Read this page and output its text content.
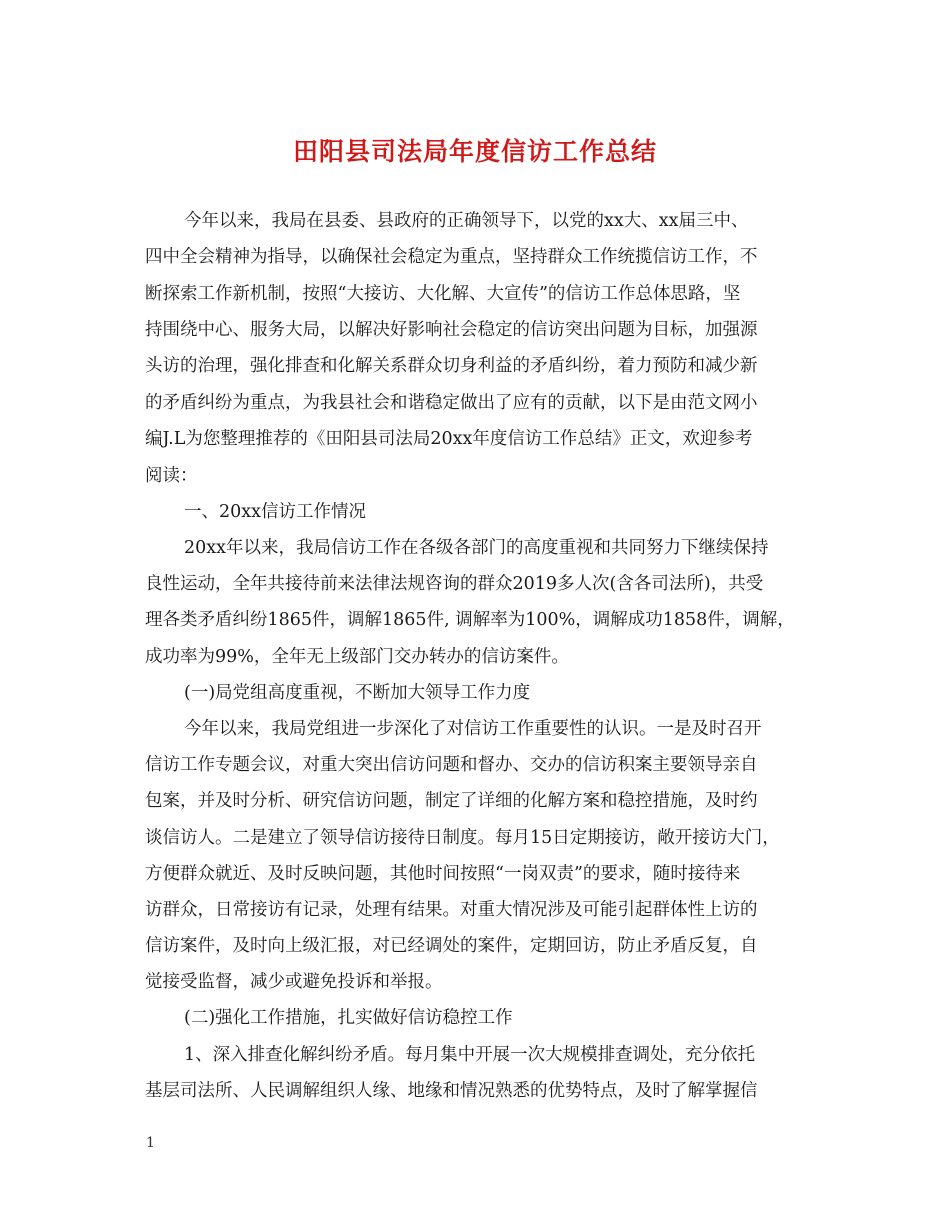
田阳县司法局年度信访工作总结
今年以来，我局在县委、县政府的正确领导下，以党的xx大、xx届三中、
四中全会精神为指导，以确保社会稳定为重点，坚持群众工作统揽信访工作，不
断探索工作新机制，按照“大接访、大化解、大宣传”的信访工作总体思路，坚
持围绕中心、服务大局，以解决好影响社会稳定的信访突出问题为目标，加强源
头访的治理，强化排查和化解关系群众切身利益的矛盾纠纷，着力预防和减少新
的矛盾纠纷为重点，为我县社会和谐稳定做出了应有的贡献，以下是由范文网小
编J.L为您整理推荐的《田阳县司法局20xx年度信访工作总结》正文，欢迎参考
阅读：
一、20xx信访工作情况
20xx年以来，我局信访工作在各级各部门的高度重视和共同努力下继续保持
良性运动，全年共接待前来法律法规咨询的群众2019多人次(含各司法所)，共受
理各类矛盾纠纷1865件，调解1865件, 调解率为100%，调解成功1858件，调解，
成功率为99%，全年无上级部门交办转办的信访案件。
(一)局党组高度重视，不断加大领导工作力度
今年以来，我局党组进一步深化了对信访工作重要性的认识。一是及时召开
信访工作专题会议，对重大突出信访问题和督办、交办的信访积案主要领导亲自
包案，并及时分析、研究信访问题，制定了详细的化解方案和稳控措施，及时约
谈信访人。二是建立了领导信访接待日制度。每月15日定期接访，敞开接访大门，
方便群众就近、及时反映问题，其他时间按照“一岗双责”的要求，随时接待来
访群众，日常接访有记录，处理有结果。对重大情况涉及可能引起群体性上访的
信访案件，及时向上级汇报，对已经调处的案件，定期回访，防止矛盾反复，自
觉接受监督，减少或避免投诉和举报。
(二)强化工作措施，扎实做好信访稳控工作
1、深入排查化解纠纷矛盾。每月集中开展一次大规模排查调处，充分依托
基层司法所、人民调解组织人缘、地缘和情况熟悉的优势特点，及时了解掌握信
1
